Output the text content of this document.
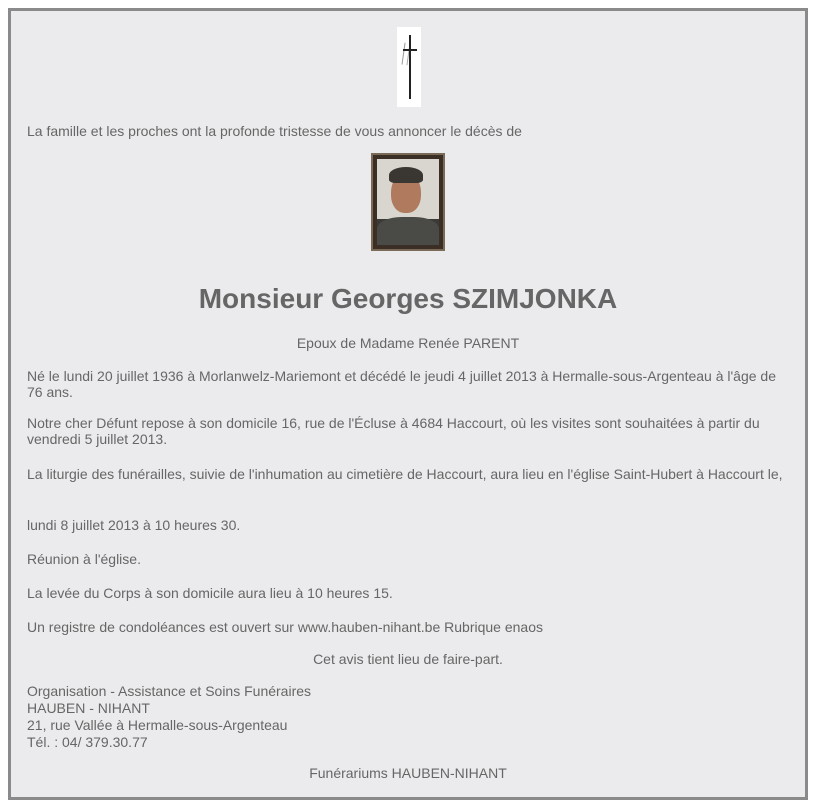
La famille et les proches ont la profonde tristesse de vous annoncer le décès de
Monsieur Georges SZIMJONKA
Epoux de Madame Renée PARENT
Né le lundi 20 juillet 1936 à Morlanwelz-Mariemont et décédé le jeudi 4 juillet 2013 à Hermalle-sous-Argenteau à l'âge de 76 ans.
Notre cher Défunt repose à son domicile 16, rue de l'Écluse à 4684 Haccourt, où les visites sont souhaitées à partir du vendredi 5 juillet 2013.
La liturgie des funérailles, suivie de l'inhumation au cimetière de Haccourt, aura lieu en l'église Saint-Hubert à Haccourt le,
lundi 8 juillet 2013 à 10 heures 30.
Réunion à l'église.
La levée du Corps à son domicile aura lieu à 10 heures 15.
Un registre de condoléances est ouvert sur www.hauben-nihant.be Rubrique enaos
Cet avis tient lieu de faire-part.
Organisation - Assistance et Soins Funéraires
HAUBEN - NIHANT
21, rue Vallée à Hermalle-sous-Argenteau
Tél. : 04/ 379.30.77
Funérariums HAUBEN-NIHANT
